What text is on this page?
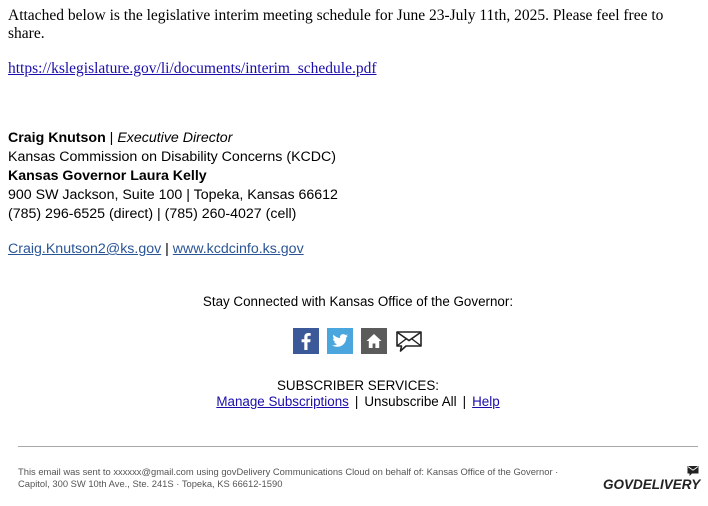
Attached below is the legislative interim meeting schedule for June 23-July 11th, 2025. Please feel free to share.
https://kslegislature.gov/li/documents/interim_schedule.pdf
Craig Knutson | Executive Director
Kansas Commission on Disability Concerns (KCDC)
Kansas Governor Laura Kelly
900 SW Jackson, Suite 100 | Topeka, Kansas 66612
(785) 296-6525 (direct) | (785) 260-4027 (cell)
Craig.Knutson2@ks.gov | www.kcdcinfo.ks.gov
Stay Connected with Kansas Office of the Governor:
SUBSCRIBER SERVICES:
Manage Subscriptions | Unsubscribe All | Help
This email was sent to xxxxxx@gmail.com using govDelivery Communications Cloud on behalf of: Kansas Office of the Governor ·
Capitol, 300 SW 10th Ave., Ste. 241S · Topeka, KS 66612-1590	GOVDELIVERY
